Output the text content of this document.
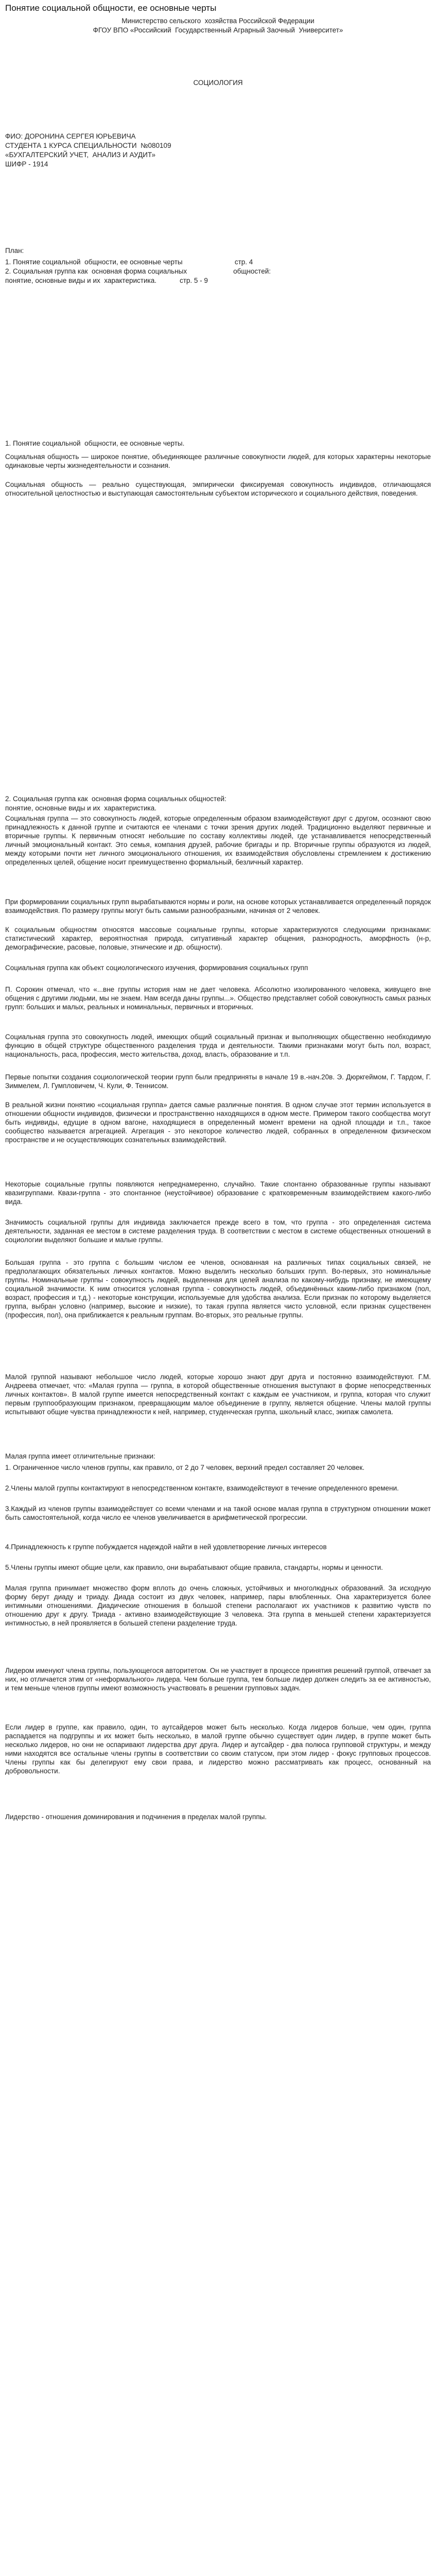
Понятие социальной общности, ее основные черты
Министерство сельского  хозяйства Российской Федерации
ФГОУ ВПО «Российский  Государственный Аграрный Заочный  Университет»
СОЦИОЛОГИЯ
ФИО: ДОРОНИНА СЕРГЕЯ ЮРЬЕВИЧА
СТУДЕНТА 1 КУРСА СПЕЦИАЛЬНОСТИ  №080109
«БУХГАЛТЕРСКИЙ УЧЕТ,  АНАЛИЗ И АУДИТ»
ШИФР - 1914
План:
1. Понятие социальной  общности, ее основные черты                           стр. 4
2. Социальная группа как  основная форма социальных                        общностей:
понятие, основные виды и их  характеристика.            стр. 5 - 9
1. Понятие социальной  общности, ее основные черты.

Социальная общность — широкое понятие, объединяющее различные совокупности людей, для которых характерны некоторые одинаковые черты жизнедеятельности и сознания.

Социальная общность — реально существующая, эмпирически фиксируемая совокупность индивидов, отличающаяся относительной целостностью и выступающая самостоятельным субъектом исторического и социального действия, поведения.

2. Социальная группа как  основная форма социальных общностей:
понятие, основные виды и их  характеристика.

Социальная группа — это совокупность людей, которые определенным образом взаимодействуют друг с другом, осознают свою принадлежность к данной группе и считаются ее членами с точки зрения других людей. Традиционно выделяют первичные и вторичные группы. К первичным относят небольшие по составу коллективы людей, где устанавливается непосредственный личный эмоциональный контакт. Это семья, компания друзей, рабочие бригады и пр. Вторичные группы образуются из людей, между которыми почти нет личного эмоционального отношения, их взаимодействия обусловлены стремлением к достижению определенных целей, общение носит преимущественно формальный, безличный характер.

При формировании социальных групп вырабатываются нормы и роли, на основе которых устанавливается определенный порядок взаимодействия. По размеру группы могут быть самыми разнообразными, начиная от 2 человек.

К социальным общностям относятся массовые социальные группы, которые характеризуются следующими признаками: статистический характер, вероятностная природа, ситуативный характер общения, разнородность, аморфность (н-р, демографические, расовые, половые, этнические и др. общности).

Социальная группа как объект социологического изучения, формирования социальных групп

П. Сорокин отмечал, что «...вне группы история нам не дает человека. Абсолютно изолированного человека, живущего вне общения с другими людьми, мы не знаем. Нам всегда даны группы...». Общество представляет собой совокупность самых разных групп: больших и малых, реальных и номинальных, первичных и вторичных.

Социальная группа это совокупность людей, имеющих общий социальный признак и выполняющих общественно необходимую функцию в общей структуре общественного разделения труда и деятельности. Такими признаками могут быть пол, возраст, национальность, раса, профессия, место жительства, доход, власть, образование и т.п.

Первые попытки создания социологической теории групп были предприняты в начале 19 в.-нач.20в. Э. Дюркгеймом, Г. Тардом, Г. Зиммелем, Л. Гумпловичем, Ч. Кули, Ф. Теннисом.

В реальной жизни понятию «социальная группа» дается самые различные понятия. В одном случае этот термин используется в отношении общности индивидов, физически и пространственно находящихся в одном месте. Примером такого сообщества могут быть индивиды, едущие в одном вагоне, находящиеся в определенный момент времени на одной площади и т.п., такое сообщество называется агрегацией. Агрегация - это некоторое количество людей, собранных в определенном физическом пространстве и не осуществляющих сознательных взаимодействий.

Некоторые социальные группы появляются непреднамеренно, случайно. Такие спонтанно образованные группы называют квазигруппами. Квази-группа - это спонтанное (неустойчивое) образование с кратковременным взаимодействием какого-либо вида.

Значимость социальной группы для индивида заключается прежде всего в том, что группа - это определенная система деятельности, заданная ее местом в системе разделения труда. В соответствии с местом в системе общественных отношений в социологии выделяют большие и малые группы.

Большая группа - это группа с большим числом ее членов, основанная на различных типах социальных связей, не предполагающих обязательных личных контактов. Можно выделить несколько больших групп. Во-первых, это номинальные группы. Номинальные группы - совокупность людей, выделенная для целей анализа по какому-нибудь признаку, не имеющему социальной значимости. К ним относится условная группа - совокупность людей, объединённых каким-либо признаком (пол, возраст, профессия и т.д.) - некоторые конструкции, используемые для удобства анализа. Если признак по которому выделяется группа, выбран условно (например, высокие и низкие), то такая группа является чисто условной, если признак существенен (профессия, пол), она приближается к реальным группам. Во-вторых, это реальные группы.

Малой группой называют небольшое число людей, которые хорошо знают друг друга и постоянно взаимодействуют. Г.М. Андреева отмечает, что: «Малая группа — группа, в которой общественные отношения выступают в форме непосредственных личных контактов». В малой группе имеется непосредственный контакт с каждым ее участником, и группа, которая что служит первым группообразующим признаком, превращающим малое объединение в группу, является общение. Члены малой группы испытывают общие чувства принадлежности к ней, например, студенческая группа, школьный класс, экипаж самолета.

Малая группа имеет отличительные признаки:

1. Ограниченное число членов группы, как правило, от 2 до 7 человек, верхний предел составляет 20 человек.

2.Члены малой группы контактируют в непосредственном контакте, взаимодействуют в течение определенного времени.

3.Каждый из членов группы взаимодействует со всеми членами и на такой основе малая группа в структурном отношении может быть самостоятельной, когда число ее членов увеличивается в арифметической прогрессии.

4.Принадлежность к группе побуждается надеждой найти в ней удовлетворение личных интересов

5.Члены группы имеют общие цели, как правило, они вырабатывают общие правила, стандарты, нормы и ценности.

Малая группа принимает множество форм вплоть до очень сложных, устойчивых и многолюдных образований. За исходную форму берут диаду и триаду. Диада состоит из двух человек, например, пары влюбленных. Она характеризуется более интимными отношениями. Диадические отношения в большой степени располагают их участников к развитию чувств по отношению друг к другу. Триада - активно взаимодействующие 3 человека. Эта группа в меньшей степени характеризуется интимностью, в ней проявляется в большей степени разделение труда.

Лидером именуют члена группы, пользующегося авторитетом. Он не участвует в процессе принятия решений группой, отвечает за них, но отличается этим от «неформального» лидера. Чем больше группа, тем больше лидер должен следить за ее активностью, и тем меньше членов группы имеют возможность участвовать в решении групповых задач.

Если лидер в группе, как правило, один, то аутсайдеров может быть несколько. Когда лидеров больше, чем один, группа распадается на подгруппы и их может быть несколько, в малой группе обычно существует один лидер, в группе может быть несколько лидеров, но они не оспаривают лидерства друг друга. Лидер и аутсайдер - два полюса групповой структуры, и между ними находятся все остальные члены группы в соответствии со своим статусом, при этом лидер - фокус групповых процессов. Члены группы как бы делегируют ему свои права, и лидерство можно рассматривать как процесс, основанный на добровольности.

Лидерство - отношения доминирования и подчинения в пределах малой группы.
